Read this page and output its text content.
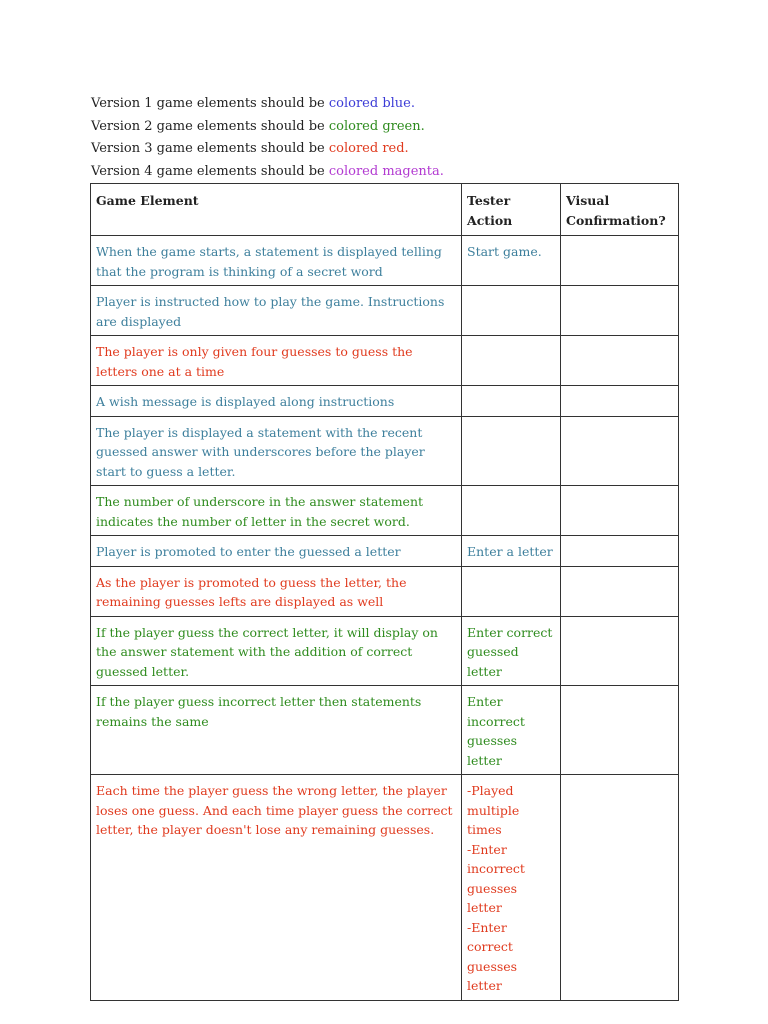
Version 1 game elements should be colored blue.
Version 2 game elements should be colored green.
Version 3 game elements should be colored red.
Version 4 game elements should be colored magenta.
Game Element	Tester Action	Visual Confirmation?
When the game starts, a statement is displayed telling that the program is thinking of a secret word	Start game.	
Player is instructed how to play the game. Instructions are displayed		
The player is only given four guesses to guess the letters one at a time		
A wish message is displayed along instructions		
The player is displayed a statement with the recent guessed answer with underscores before the player start to guess a letter.		
The number of underscore in the answer statement indicates the number of letter in the secret word.		
Player is promoted to enter the guessed a letter	Enter a letter	
As the player is promoted to guess the letter, the remaining guesses lefts are displayed as well		
If the player guess the correct letter, it will display on the answer statement with the addition of correct guessed letter.	Enter correct guessed letter	
If the player guess incorrect letter then statements remains the same	Enter incorrect guesses letter	
Each time the player guess the wrong letter, the player loses one guess. And each time player guess the correct letter, the player doesn't lose any remaining guesses.	-Played multiple times
-Enter incorrect guesses letter
-Enter correct guesses letter	
